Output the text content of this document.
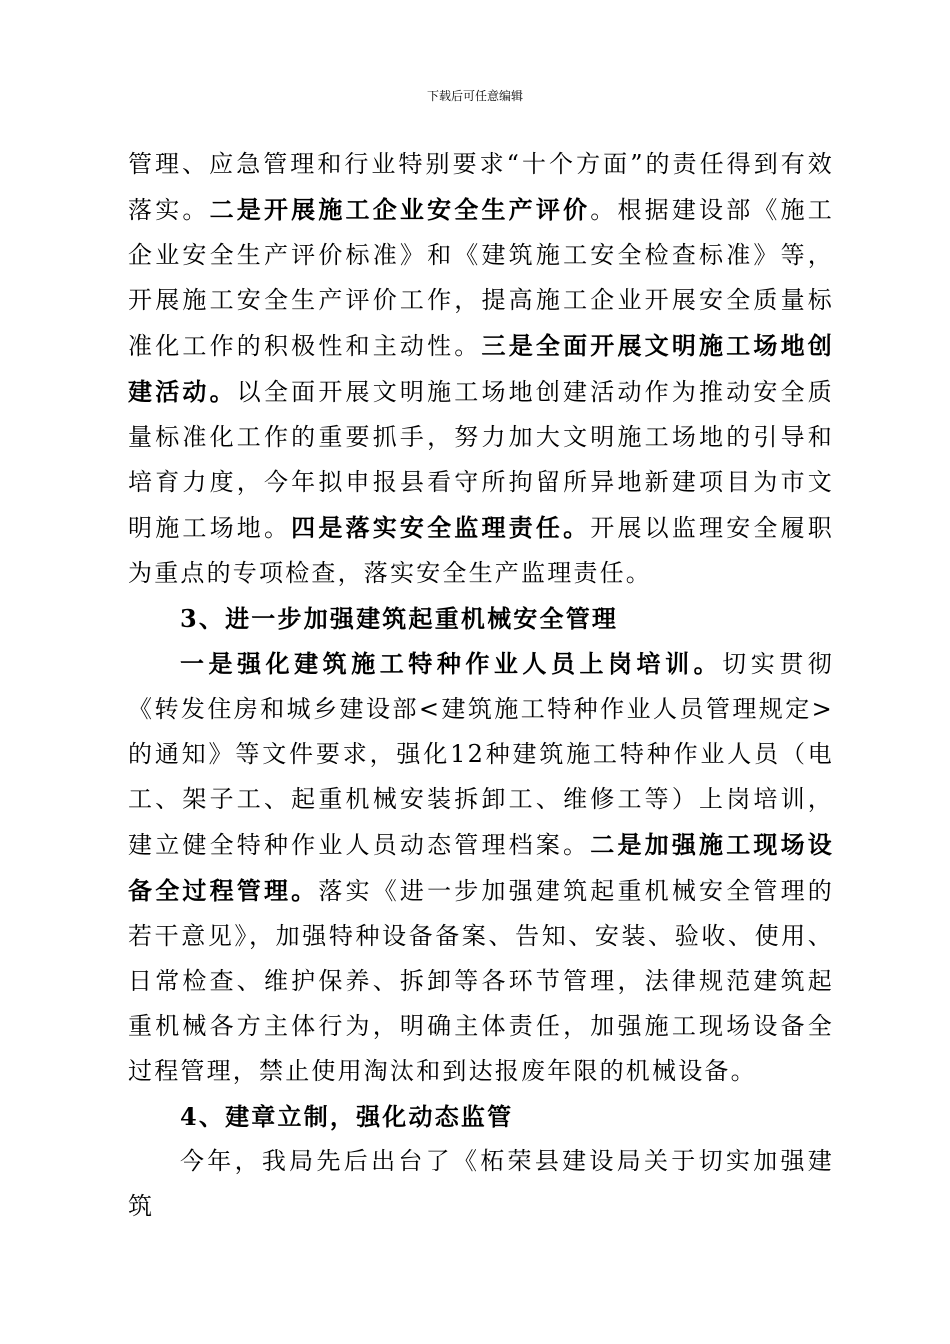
下载后可任意编辑

管理、应急管理和行业特别要求“十个方面”的责任得到有效落实。二是开展施工企业安全生产评价。根据建设部《施工企业安全生产评价标准》和《建筑施工安全检查标准》等，开展施工安全生产评价工作，提高施工企业开展安全质量标准化工作的积极性和主动性。三是全面开展文明施工场地创建活动。以全面开展文明施工场地创建活动作为推动安全质量标准化工作的重要抓手，努力加大文明施工场地的引导和培育力度，今年拟申报县看守所拘留所异地新建项目为市文明施工场地。四是落实安全监理责任。开展以监理安全履职为重点的专项检查，落实安全生产监理责任。

3、进一步加强建筑起重机械安全管理

一是强化建筑施工特种作业人员上岗培训。切实贯彻《转发住房和城乡建设部<建筑施工特种作业人员管理规定>的通知》等文件要求，强化12种建筑施工特种作业人员（电工、架子工、起重机械安装拆卸工、维修工等）上岗培训，建立健全特种作业人员动态管理档案。二是加强施工现场设备全过程管理。落实《进一步加强建筑起重机械安全管理的若干意见》，加强特种设备备案、告知、安装、验收、使用、日常检查、维护保养、拆卸等各环节管理，法律规范建筑起重机械各方主体行为，明确主体责任，加强施工现场设备全过程管理，禁止使用淘汰和到达报废年限的机械设备。

4、建章立制，强化动态监管

今年，我局先后出台了《柘荣县建设局关于切实加强建筑
